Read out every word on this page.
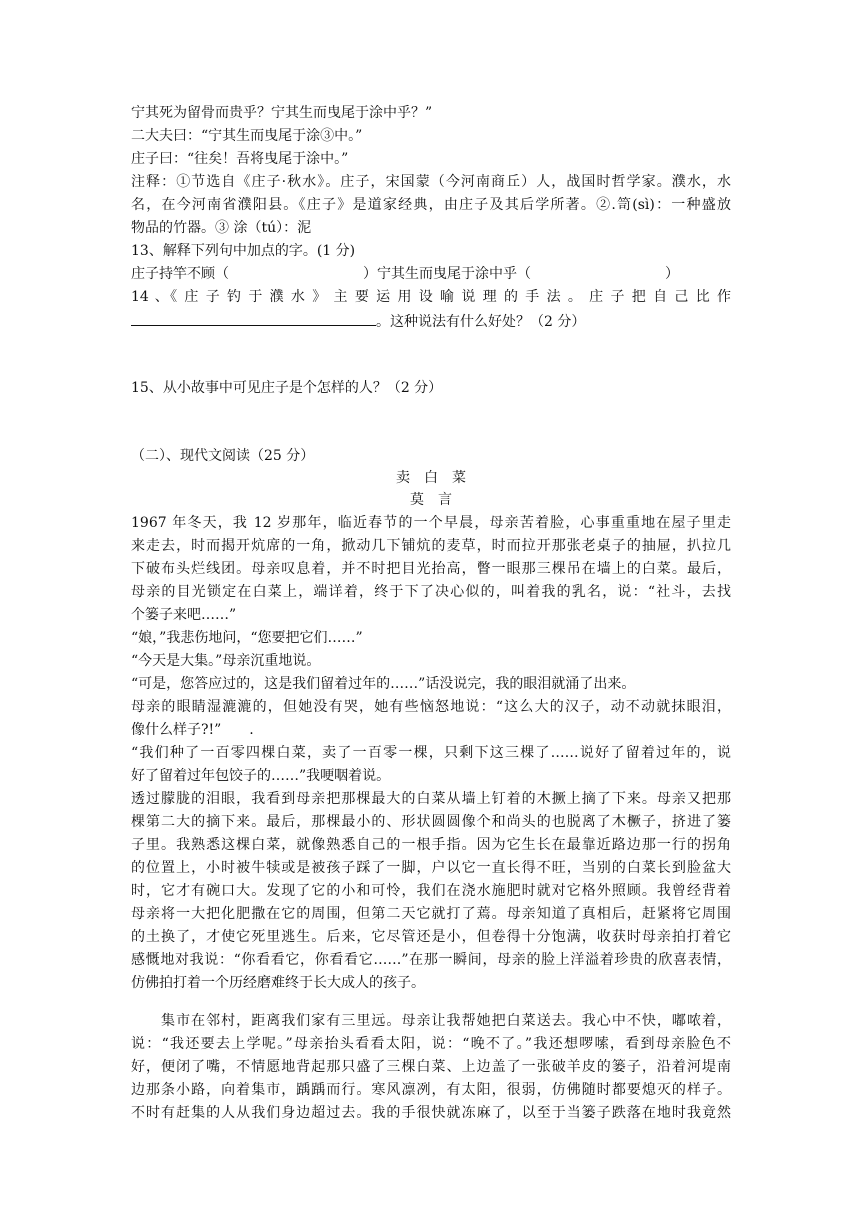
宁其死为留骨而贵乎？宁其生而曳尾于涂中乎？”
二大夫曰：“宁其生而曳尾于涂③中。”
庄子曰：“往矣！吾将曳尾于涂中。”
注释：①节选自《庄子·秋水》。庄子，宋国蒙（今河南商丘）人，战国时哲学家。濮水，水
名，在今河南省濮阳县。《庄子》是道家经典，由庄子及其后学所著。②.笥(sì)：一种盛放
物品的竹器。③ 涂（tú）：泥
13、解释下列句中加点的字。(1 分)
庄子持竿不顾（	）宁其生而曳尾于涂中乎（	）
14 、《 庄 子 钓 于 濮 水 》 主 要 运 用 设 喻 说 理 的 手 法 。 庄 子 把 自 己 比 作
。这种说法有什么好处？（2 分）
15、从小故事中可见庄子是个怎样的人？（2 分）
（二）、现代文阅读（25 分）
卖　白　菜
莫　言
1967 年冬天，我 12 岁那年，临近春节的一个早晨，母亲苦着脸，心事重重地在屋子里走
来走去，时而揭开炕席的一角，掀动几下铺炕的麦草，时而拉开那张老桌子的抽屉，扒拉几
下破布头烂线团。母亲叹息着，并不时把目光抬高，瞥一眼那三棵吊在墙上的白菜。最后，
母亲的目光锁定在白菜上，端详着，终于下了决心似的，叫着我的乳名，说：“社斗，去找
个篓子来吧……”
“娘，”我悲伤地问，“您要把它们……”
“今天是大集。”母亲沉重地说。
“可是，您答应过的，这是我们留着过年的……”话没说完，我的眼泪就涌了出来。
母亲的眼睛湿漉漉的，但她没有哭，她有些恼怒地说：“这么大的汉子，动不动就抹眼泪，
像什么样子?!”　　.
“我们种了一百零四棵白菜，卖了一百零一棵，只剩下这三棵了……说好了留着过年的，说
好了留着过年包饺子的……”我哽咽着说。
透过朦胧的泪眼，我看到母亲把那棵最大的白菜从墙上钉着的木撅上摘了下来。母亲又把那
棵第二大的摘下来。最后，那棵最小的、形状圆圆像个和尚头的也脱离了木橛子，挤进了篓
子里。我熟悉这棵白菜，就像熟悉自己的一根手指。因为它生长在最靠近路边那一行的拐角
的位置上，小时被牛犊或是被孩子踩了一脚，户以它一直长得不旺，当别的白菜长到脸盆大
时，它才有碗口大。发现了它的小和可怜，我们在浇水施肥时就对它格外照顾。我曾经背着
母亲将一大把化肥撒在它的周围，但第二天它就打了蔫。母亲知道了真相后，赶紧将它周围
的土换了，才使它死里逃生。后来，它尽管还是小，但卷得十分饱满，收获时母亲拍打着它
感慨地对我说：“你看看它，你看看它……”在那一瞬间，母亲的脸上洋溢着珍贵的欣喜表情，
仿佛拍打着一个历经磨难终于长大成人的孩子。
　　集市在邻村，距离我们家有三里远。母亲让我帮她把白菜送去。我心中不快，嘟哝着，
说：“我还要去上学呢。”母亲抬头看看太阳，说：“晚不了。”我还想啰嗦，看到母亲脸色不
好，便闭了嘴，不情愿地背起那只盛了三棵白菜、上边盖了一张破羊皮的篓子，沿着河堤南
边那条小路，向着集市，踽踽而行。寒风凛冽，有太阳，很弱，仿佛随时都要熄灭的样子。
不时有赶集的人从我们身边超过去。我的手很快就冻麻了，以至于当篓子跌落在地时我竟然
